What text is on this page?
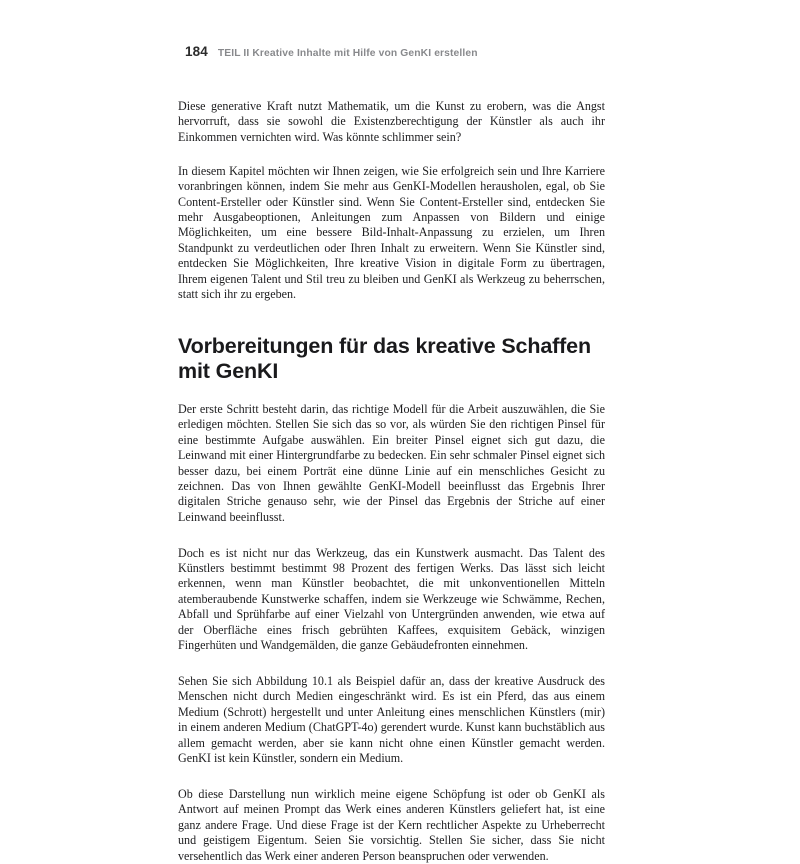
184 TEIL II Kreative Inhalte mit Hilfe von GenKI erstellen

Diese generative Kraft nutzt Mathematik, um die Kunst zu erobern, was die Angst hervorruft, dass sie sowohl die Existenzberechtigung der Künstler als auch ihr Einkommen vernichten wird. Was könnte schlimmer sein?

In diesem Kapitel möchten wir Ihnen zeigen, wie Sie erfolgreich sein und Ihre Karriere voranbringen können, indem Sie mehr aus GenKI-Modellen herausholen, egal, ob Sie Content-Ersteller oder Künstler sind. Wenn Sie Content-Ersteller sind, entdecken Sie mehr Ausgabeoptionen, Anleitungen zum Anpassen von Bildern und einige Möglichkeiten, um eine bessere Bild-Inhalt-Anpassung zu erzielen, um Ihren Standpunkt zu verdeutlichen oder Ihren Inhalt zu erweitern. Wenn Sie Künstler sind, entdecken Sie Möglichkeiten, Ihre kreative Vision in digitale Form zu übertragen, Ihrem eigenen Talent und Stil treu zu bleiben und GenKI als Werkzeug zu beherrschen, statt sich ihr zu ergeben.

Vorbereitungen für das kreative Schaffen mit GenKI

Der erste Schritt besteht darin, das richtige Modell für die Arbeit auszuwählen, die Sie erledigen möchten. Stellen Sie sich das so vor, als würden Sie den richtigen Pinsel für eine bestimmte Aufgabe auswählen. Ein breiter Pinsel eignet sich gut dazu, die Leinwand mit einer Hintergrundfarbe zu bedecken. Ein sehr schmaler Pinsel eignet sich besser dazu, bei einem Porträt eine dünne Linie auf ein menschliches Gesicht zu zeichnen. Das von Ihnen gewählte GenKI-Modell beeinflusst das Ergebnis Ihrer digitalen Striche genauso sehr, wie der Pinsel das Ergebnis der Striche auf einer Leinwand beeinflusst.

Doch es ist nicht nur das Werkzeug, das ein Kunstwerk ausmacht. Das Talent des Künstlers bestimmt bestimmt 98 Prozent des fertigen Werks. Das lässt sich leicht erkennen, wenn man Künstler beobachtet, die mit unkonventionellen Mitteln atemberaubende Kunstwerke schaffen, indem sie Werkzeuge wie Schwämme, Rechen, Abfall und Sprühfarbe auf einer Vielzahl von Untergründen anwenden, wie etwa auf der Oberfläche eines frisch gebrühten Kaffees, exquisitem Gebäck, winzigen Fingerhüten und Wandgemälden, die ganze Gebäudefronten einnehmen.

Sehen Sie sich Abbildung 10.1 als Beispiel dafür an, dass der kreative Ausdruck des Menschen nicht durch Medien eingeschränkt wird. Es ist ein Pferd, das aus einem Medium (Schrott) hergestellt und unter Anleitung eines menschlichen Künstlers (mir) in einem anderen Medium (ChatGPT-4o) gerendert wurde. Kunst kann buchstäblich aus allem gemacht werden, aber sie kann nicht ohne einen Künstler gemacht werden. GenKI ist kein Künstler, sondern ein Medium.

Ob diese Darstellung nun wirklich meine eigene Schöpfung ist oder ob GenKI als Antwort auf meinen Prompt das Werk eines anderen Künstlers geliefert hat, ist eine ganz andere Frage. Und diese Frage ist der Kern rechtlicher Aspekte zu Urheberrecht und geistigem Eigentum. Seien Sie vorsichtig. Stellen Sie sicher, dass Sie nicht versehentlich das Werk einer anderen Person beanspruchen oder verwenden.
